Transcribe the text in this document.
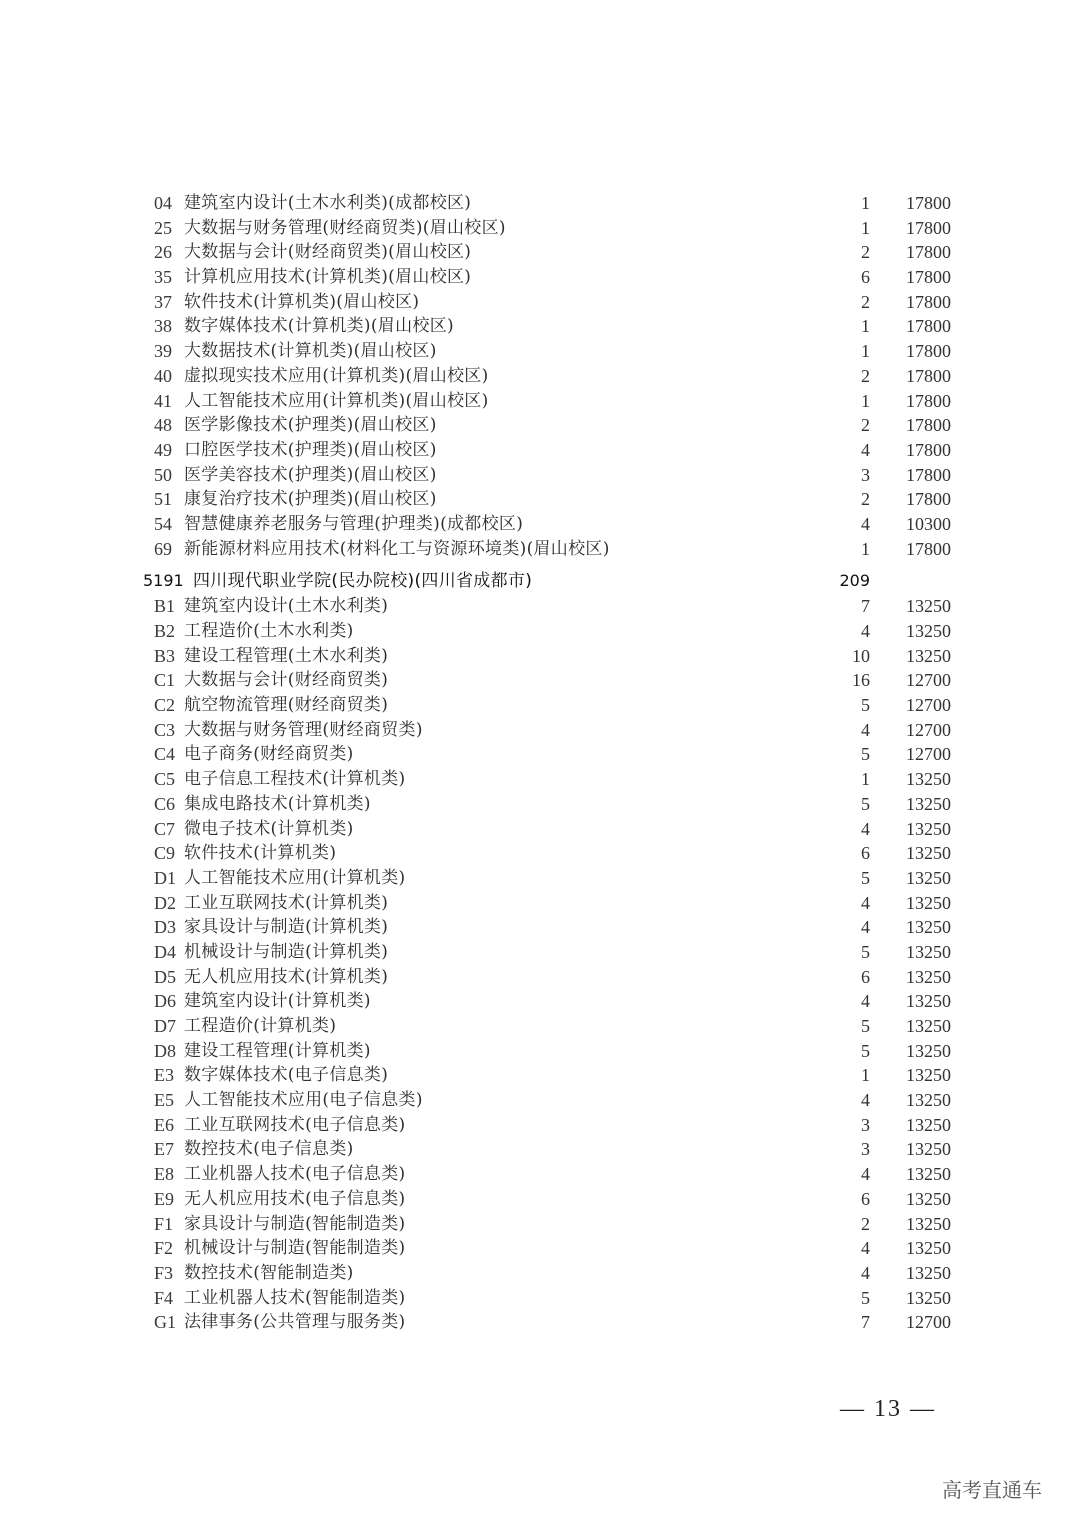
04 建筑室内设计(土木水利类)(成都校区)	1 17800
25 大数据与财务管理(财经商贸类)(眉山校区)	1 17800
26 大数据与会计(财经商贸类)(眉山校区)	2 17800
35 计算机应用技术(计算机类)(眉山校区)	6 17800
37 软件技术(计算机类)(眉山校区)	2 17800
38 数字媒体技术(计算机类)(眉山校区)	1 17800
39 大数据技术(计算机类)(眉山校区)	1 17800
40 虚拟现实技术应用(计算机类)(眉山校区)	2 17800
41 人工智能技术应用(计算机类)(眉山校区)	1 17800
48 医学影像技术(护理类)(眉山校区)	2 17800
49 口腔医学技术(护理类)(眉山校区)	4 17800
50 医学美容技术(护理类)(眉山校区)	3 17800
51 康复治疗技术(护理类)(眉山校区)	2 17800
54 智慧健康养老服务与管理(护理类)(成都校区)	4 10300
69 新能源材料应用技术(材料化工与资源环境类)(眉山校区)	1 17800
5191 四川现代职业学院(民办院校)(四川省成都市)	209
B1 建筑室内设计(土木水利类)	7 13250
B2 工程造价(土木水利类)	4 13250
B3 建设工程管理(土木水利类)	10 13250
C1 大数据与会计(财经商贸类)	16 12700
C2 航空物流管理(财经商贸类)	5 12700
C3 大数据与财务管理(财经商贸类)	4 12700
C4 电子商务(财经商贸类)	5 12700
C5 电子信息工程技术(计算机类)	1 13250
C6 集成电路技术(计算机类)	5 13250
C7 微电子技术(计算机类)	4 13250
C9 软件技术(计算机类)	6 13250
D1 人工智能技术应用(计算机类)	5 13250
D2 工业互联网技术(计算机类)	4 13250
D3 家具设计与制造(计算机类)	4 13250
D4 机械设计与制造(计算机类)	5 13250
D5 无人机应用技术(计算机类)	6 13250
D6 建筑室内设计(计算机类)	4 13250
D7 工程造价(计算机类)	5 13250
D8 建设工程管理(计算机类)	5 13250
E3 数字媒体技术(电子信息类)	1 13250
E5 人工智能技术应用(电子信息类)	4 13250
E6 工业互联网技术(电子信息类)	3 13250
E7 数控技术(电子信息类)	3 13250
E8 工业机器人技术(电子信息类)	4 13250
E9 无人机应用技术(电子信息类)	6 13250
F1 家具设计与制造(智能制造类)	2 13250
F2 机械设计与制造(智能制造类)	4 13250
F3 数控技术(智能制造类)	4 13250
F4 工业机器人技术(智能制造类)	5 13250
G1 法律事务(公共管理与服务类)	7 12700
— 13 —
高考直通车
